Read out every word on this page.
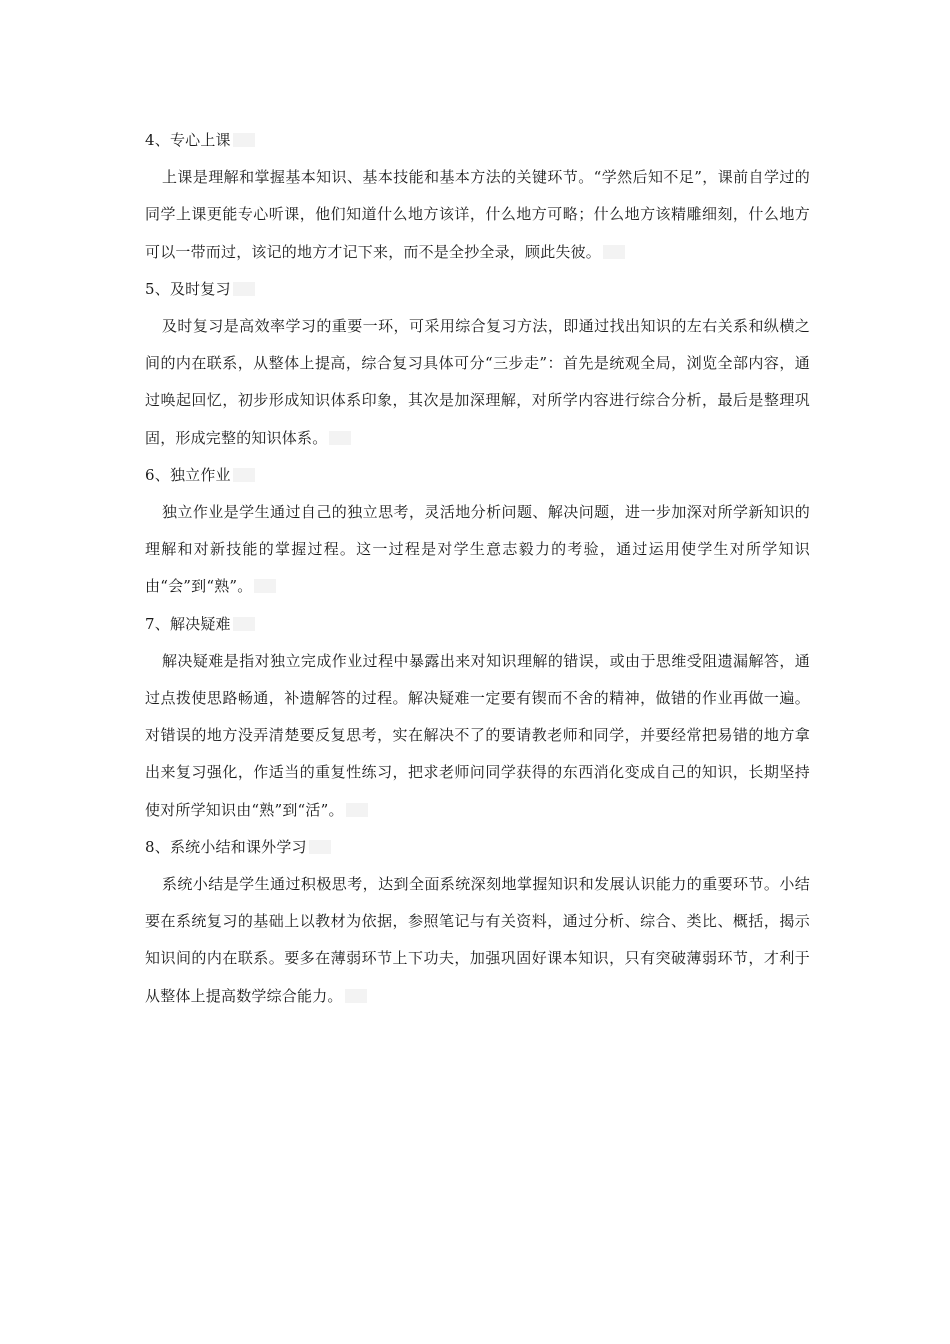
4、专心上课

上课是理解和掌握基本知识、基本技能和基本方法的关键环节。“学然后知不足”，课前自学过的同学上课更能专心听课，他们知道什么地方该详，什么地方可略；什么地方该精雕细刻，什么地方可以一带而过，该记的地方才记下来，而不是全抄全录，顾此失彼。

5、及时复习

及时复习是高效率学习的重要一环，可采用综合复习方法，即通过找出知识的左右关系和纵横之间的内在联系，从整体上提高，综合复习具体可分“三步走”：首先是统观全局，浏览全部内容，通过唤起回忆，初步形成知识体系印象，其次是加深理解，对所学内容进行综合分析，最后是整理巩固，形成完整的知识体系。

6、独立作业

独立作业是学生通过自己的独立思考，灵活地分析问题、解决问题，进一步加深对所学新知识的理解和对新技能的掌握过程。这一过程是对学生意志毅力的考验，通过运用使学生对所学知识由“会”到“熟”。

7、解决疑难

解决疑难是指对独立完成作业过程中暴露出来对知识理解的错误，或由于思维受阻遗漏解答，通过点拨使思路畅通，补遗解答的过程。解决疑难一定要有锲而不舍的精神，做错的作业再做一遍。对错误的地方没弄清楚要反复思考，实在解决不了的要请教老师和同学，并要经常把易错的地方拿出来复习强化，作适当的重复性练习，把求老师问同学获得的东西消化变成自己的知识，长期坚持使对所学知识由“熟”到“活”。

8、系统小结和课外学习

系统小结是学生通过积极思考，达到全面系统深刻地掌握知识和发展认识能力的重要环节。小结要在系统复习的基础上以教材为依据，参照笔记与有关资料，通过分析、综合、类比、概括，揭示知识间的内在联系。要多在薄弱环节上下功夫，加强巩固好课本知识，只有突破薄弱环节，才利于从整体上提高数学综合能力。
